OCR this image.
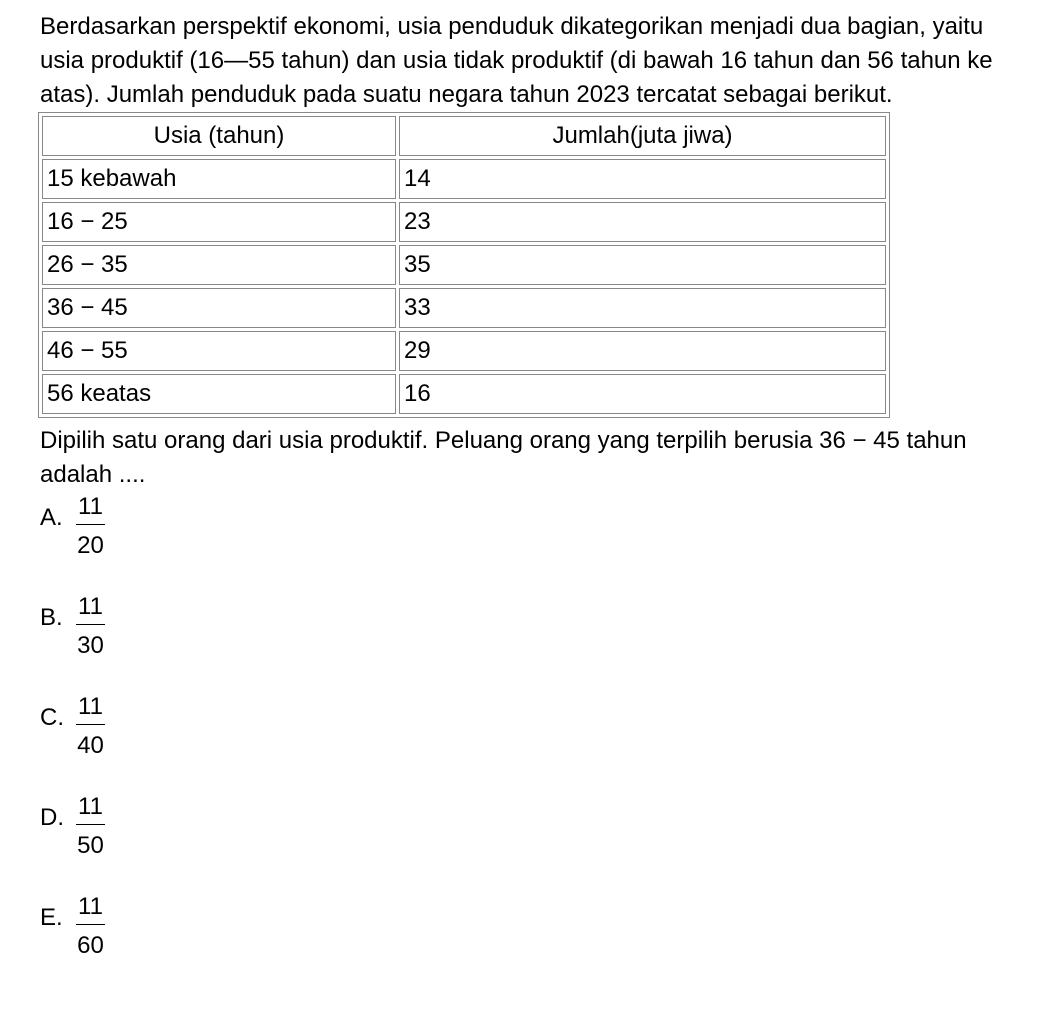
Berdasarkan perspektif ekonomi, usia penduduk dikategorikan menjadi dua bagian, yaitu usia produktif (16—55 tahun) dan usia tidak produktif (di bawah 16 tahun dan 56 tahun ke atas). Jumlah penduduk pada suatu negara tahun 2023 tercatat sebagai berikut.

Usia (tahun)	Jumlah(juta jiwa)
15 kebawah	14
16 − 25	23
26 − 35	35
36 − 45	33
46 − 55	29
56 keatas	16

Dipilih satu orang dari usia produktif. Peluang orang yang terpilih berusia 36 − 45 tahun adalah ....

A. $\frac{11}{20}$
B. $\frac{11}{30}$
C. $\frac{11}{40}$
D. $\frac{11}{50}$
E. $\frac{11}{60}$
